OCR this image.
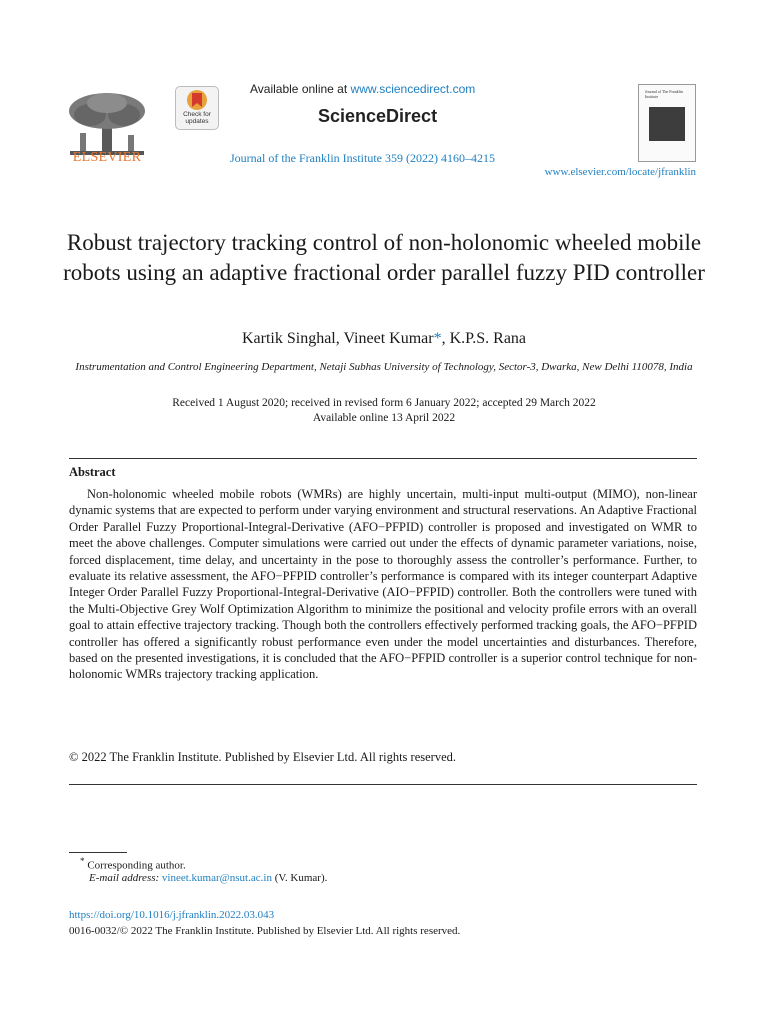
ELSEVIER
Check for updates
Available online at www.sciencedirect.com
ScienceDirect
Journal of the Franklin Institute 359 (2022) 4160–4215
www.elsevier.com/locate/jfranklin
Journal of The Franklin Institute
Robust trajectory tracking control of non-holonomic wheeled mobile robots using an adaptive fractional order parallel fuzzy PID controller
Kartik Singhal, Vineet Kumar*, K.P.S. Rana
Instrumentation and Control Engineering Department, Netaji Subhas University of Technology, Sector-3, Dwarka, New Delhi 110078, India
Received 1 August 2020; received in revised form 6 January 2022; accepted 29 March 2022
Available online 13 April 2022
Abstract

Non-holonomic wheeled mobile robots (WMRs) are highly uncertain, multi-input multi-output (MIMO), non-linear dynamic systems that are expected to perform under varying environment and structural reservations. An Adaptive Fractional Order Parallel Fuzzy Proportional-Integral-Derivative (AFO−PFPID) controller is proposed and investigated on WMR to meet the above challenges. Computer simulations were carried out under the effects of dynamic parameter variations, noise, forced displacement, time delay, and uncertainty in the pose to thoroughly assess the controller’s performance. Further, to evaluate its relative assessment, the AFO−PFPID controller’s performance is compared with its integer counterpart Adaptive Integer Order Parallel Fuzzy Proportional-Integral-Derivative (AIO−PFPID) controller. Both the controllers were tuned with the Multi-Objective Grey Wolf Optimization Algorithm to minimize the positional and velocity profile errors with an overall goal to attain effective trajectory tracking. Though both the controllers effectively performed tracking goals, the AFO−PFPID controller has offered a significantly robust performance even under the model uncertainties and disturbances. Therefore, based on the presented investigations, it is concluded that the AFO−PFPID controller is a superior control technique for non-holonomic WMRs trajectory tracking application.

© 2022 The Franklin Institute. Published by Elsevier Ltd. All rights reserved.
* Corresponding author.
E-mail address: vineet.kumar@nsut.ac.in (V. Kumar).
https://doi.org/10.1016/j.jfranklin.2022.03.043
0016-0032/© 2022 The Franklin Institute. Published by Elsevier Ltd. All rights reserved.
